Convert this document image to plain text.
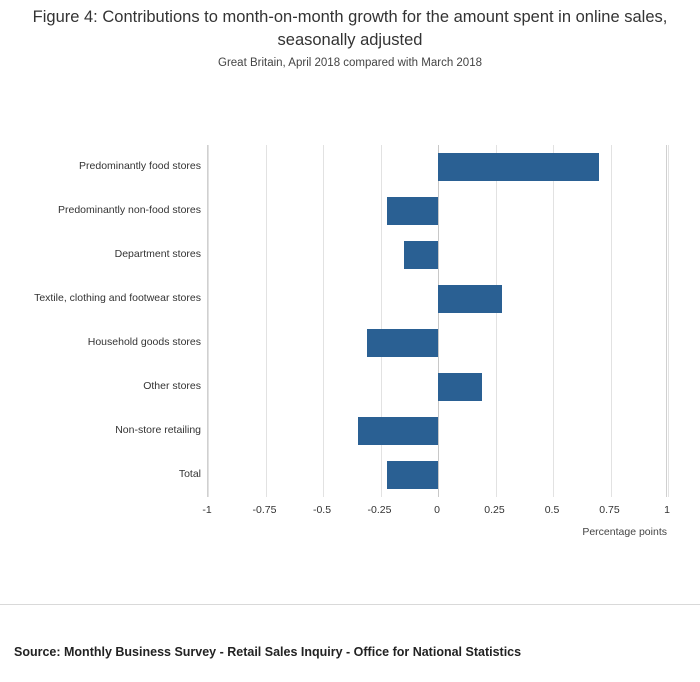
Figure 4: Contributions to month-on-month growth for the amount spent in online sales, seasonally adjusted
Great Britain, April 2018 compared with March 2018
Predominantly food stores
Predominantly non-food stores
Department stores
Textile, clothing and footwear stores
Household goods stores
Other stores
Non-store retailing
Total
-1	-0.75	-0.5	-0.25	0	0.25	0.5	0.75	1
Percentage points
Source: Monthly Business Survey - Retail Sales Inquiry - Office for National Statistics
